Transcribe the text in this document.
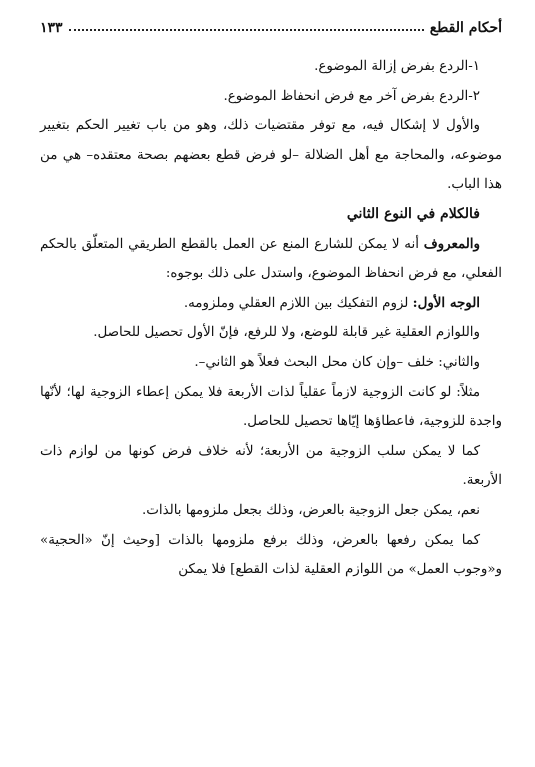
أحكام القطع
١٣٣

١-الردع بفرض إزالة الموضوع.

٢-الردع بفرض آخر مع فرض انحفاظ الموضوع.

والأول لا إشكال فيه، مع توفر مقتضيات ذلك، وهو من باب تغيير الحكم بتغيير موضوعه، والمحاجة مع أهل الضلالة –لو فرض قطع بعضهم بصحة معتقده– هي من هذا الباب.

فالكلام في النوع الثاني

والمعروف أنه لا يمكن للشارع المنع عن العمل بالقطع الطريقي المتعلّق بالحكم الفعلي، مع فرض انحفاظ الموضوع، واستدل على ذلك بوجوه:

الوجه الأول: لزوم التفكيك بين اللازم العقلي وملزومه.

واللوازم العقلية غير قابلة للوضع، ولا للرفع، فإنّ الأول تحصيل للحاصل.

والثاني: خلف –وإن كان محل البحث فعلاً هو الثاني–.

مثلاً: لو كانت الزوجية لازماً عقلياً لذات الأربعة فلا يمكن إعطاء الزوجية لها؛ لأنّها واجدة للزوجية، فاعطاؤها إيّاها تحصيل للحاصل.

كما لا يمكن سلب الزوجية من الأربعة؛ لأنه خلاف فرض كونها من لوازم ذات الأربعة.

نعم، يمكن جعل الزوجية بالعرض، وذلك بجعل ملزومها بالذات.

كما يمكن رفعها بالعرض، وذلك برفع ملزومها بالذات [وحيث إنّ «الحجية» و«وجوب العمل» من اللوازم العقلية لذات القطع] فلا يمكن
